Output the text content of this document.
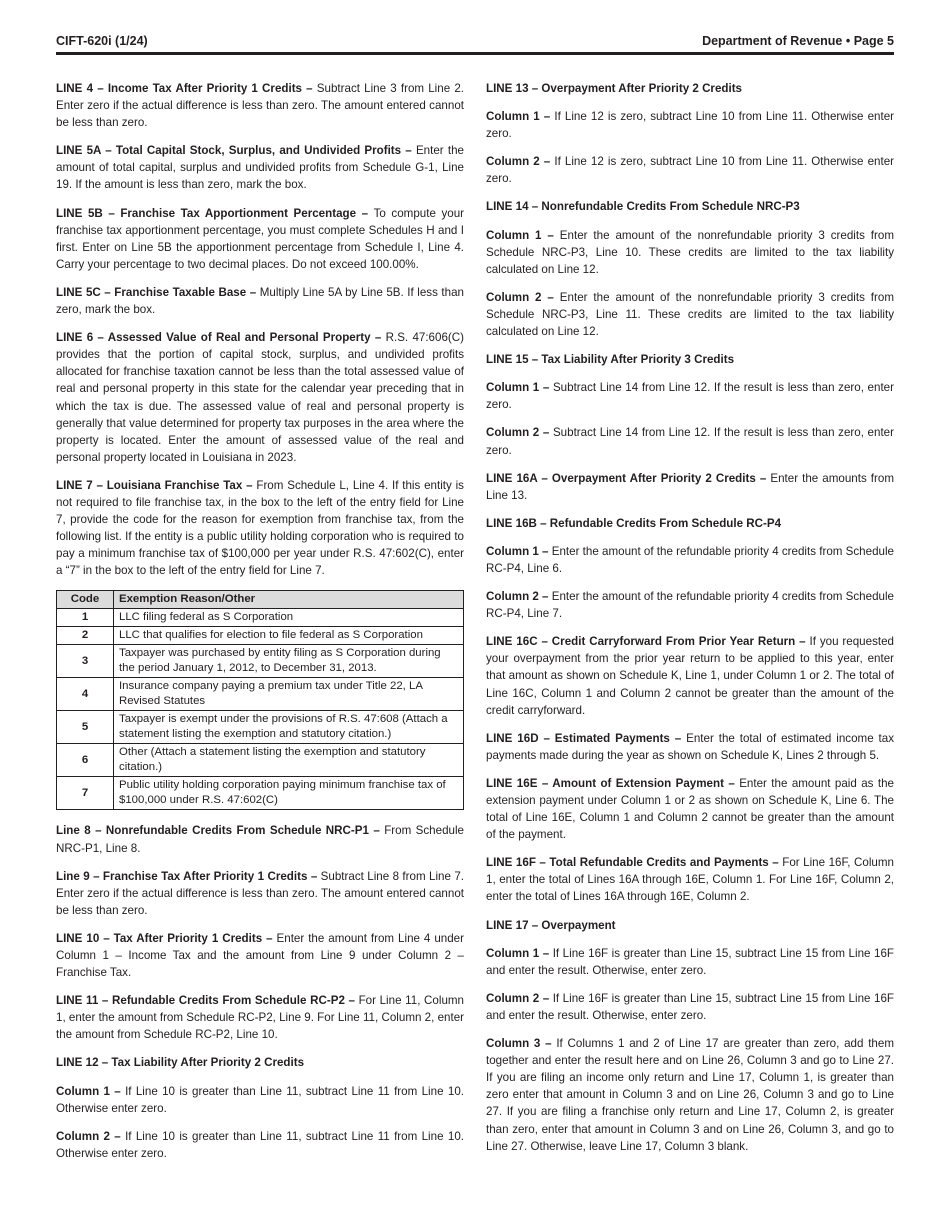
CIFT-620i (1/24)	Department of Revenue • Page 5

LINE 4 – Income Tax After Priority 1 Credits – Subtract Line 3 from Line 2. Enter zero if the actual difference is less than zero. The amount entered cannot be less than zero.

LINE 5A – Total Capital Stock, Surplus, and Undivided Profits – Enter the amount of total capital, surplus and undivided profits from Schedule G-1, Line 19. If the amount is less than zero, mark the box.

LINE 5B – Franchise Tax Apportionment Percentage – To compute your franchise tax apportionment percentage, you must complete Schedules H and I first. Enter on Line 5B the apportionment percentage from Schedule I, Line 4. Carry your percentage to two decimal places. Do not exceed 100.00%.

LINE 5C – Franchise Taxable Base – Multiply Line 5A by Line 5B. If less than zero, mark the box.

LINE 6 – Assessed Value of Real and Personal Property – R.S. 47:606(C) provides that the portion of capital stock, surplus, and undivided profits allocated for franchise taxation cannot be less than the total assessed value of real and personal property in this state for the calendar year preceding that in which the tax is due. The assessed value of real and personal property is generally that value determined for property tax purposes in the area where the property is located. Enter the amount of assessed value of the real and personal property located in Louisiana in 2023.

LINE 7 – Louisiana Franchise Tax – From Schedule L, Line 4. If this entity is not required to file franchise tax, in the box to the left of the entry field for Line 7, provide the code for the reason for exemption from franchise tax, from the following list. If the entity is a public utility holding corporation who is required to pay a minimum franchise tax of $100,000 per year under R.S. 47:602(C), enter a “7” in the box to the left of the entry field for Line 7.

Code	Exemption Reason/Other
1	LLC filing federal as S Corporation
2	LLC that qualifies for election to file federal as S Corporation
3	Taxpayer was purchased by entity filing as S Corporation during the period January 1, 2012, to December 31, 2013.
4	Insurance company paying a premium tax under Title 22, LA Revised Statutes
5	Taxpayer is exempt under the provisions of R.S. 47:608 (Attach a statement listing the exemption and statutory citation.)
6	Other (Attach a statement listing the exemption and statutory citation.)
7	Public utility holding corporation paying minimum franchise tax of $100,000 under R.S. 47:602(C)

Line 8 – Nonrefundable Credits From Schedule NRC-P1 – From Schedule NRC-P1, Line 8.

Line 9 – Franchise Tax After Priority 1 Credits – Subtract Line 8 from Line 7. Enter zero if the actual difference is less than zero. The amount entered cannot be less than zero.

LINE 10 – Tax After Priority 1 Credits – Enter the amount from Line 4 under Column 1 – Income Tax and the amount from Line 9 under Column 2 – Franchise Tax.

LINE 11 – Refundable Credits From Schedule RC-P2 – For Line 11, Column 1, enter the amount from Schedule RC-P2, Line 9. For Line 11, Column 2, enter the amount from Schedule RC-P2, Line 10.

LINE 12 – Tax Liability After Priority 2 Credits

Column 1 – If Line 10 is greater than Line 11, subtract Line 11 from Line 10. Otherwise enter zero.

Column 2 – If Line 10 is greater than Line 11, subtract Line 11 from Line 10. Otherwise enter zero.

LINE 13 – Overpayment After Priority 2 Credits

Column 1 – If Line 12 is zero, subtract Line 10 from Line 11. Otherwise enter zero.

Column 2 – If Line 12 is zero, subtract Line 10 from Line 11. Otherwise enter zero.

LINE 14 – Nonrefundable Credits From Schedule NRC-P3

Column 1 – Enter the amount of the nonrefundable priority 3 credits from Schedule NRC-P3, Line 10. These credits are limited to the tax liability calculated on Line 12.

Column 2 – Enter the amount of the nonrefundable priority 3 credits from Schedule NRC-P3, Line 11. These credits are limited to the tax liability calculated on Line 12.

LINE 15 – Tax Liability After Priority 3 Credits

Column 1 – Subtract Line 14 from Line 12. If the result is less than zero, enter zero.

Column 2 – Subtract Line 14 from Line 12. If the result is less than zero, enter zero.

LINE 16A – Overpayment After Priority 2 Credits – Enter the amounts from Line 13.

LINE 16B – Refundable Credits From Schedule RC-P4

Column 1 – Enter the amount of the refundable priority 4 credits from Schedule RC-P4, Line 6.

Column 2 – Enter the amount of the refundable priority 4 credits from Schedule RC-P4, Line 7.

LINE 16C – Credit Carryforward From Prior Year Return – If you requested your overpayment from the prior year return to be applied to this year, enter that amount as shown on Schedule K, Line 1, under Column 1 or 2. The total of Line 16C, Column 1 and Column 2 cannot be greater than the amount of the credit carryforward.

LINE 16D – Estimated Payments – Enter the total of estimated income tax payments made during the year as shown on Schedule K, Lines 2 through 5.

LINE 16E – Amount of Extension Payment – Enter the amount paid as the extension payment under Column 1 or 2 as shown on Schedule K, Line 6. The total of Line 16E, Column 1 and Column 2 cannot be greater than the amount of the payment.

LINE 16F – Total Refundable Credits and Payments – For Line 16F, Column 1, enter the total of Lines 16A through 16E, Column 1. For Line 16F, Column 2, enter the total of Lines 16A through 16E, Column 2.

LINE 17 – Overpayment

Column 1 – If Line 16F is greater than Line 15, subtract Line 15 from Line 16F and enter the result. Otherwise, enter zero.

Column 2 – If Line 16F is greater than Line 15, subtract Line 15 from Line 16F and enter the result. Otherwise, enter zero.

Column 3 – If Columns 1 and 2 of Line 17 are greater than zero, add them together and enter the result here and on Line 26, Column 3 and go to Line 27. If you are filing an income only return and Line 17, Column 1, is greater than zero enter that amount in Column 3 and on Line 26, Column 3 and go to Line 27. If you are filing a franchise only return and Line 17, Column 2, is greater than zero, enter that amount in Column 3 and on Line 26, Column 3, and go to Line 27. Otherwise, leave Line 17, Column 3 blank.
